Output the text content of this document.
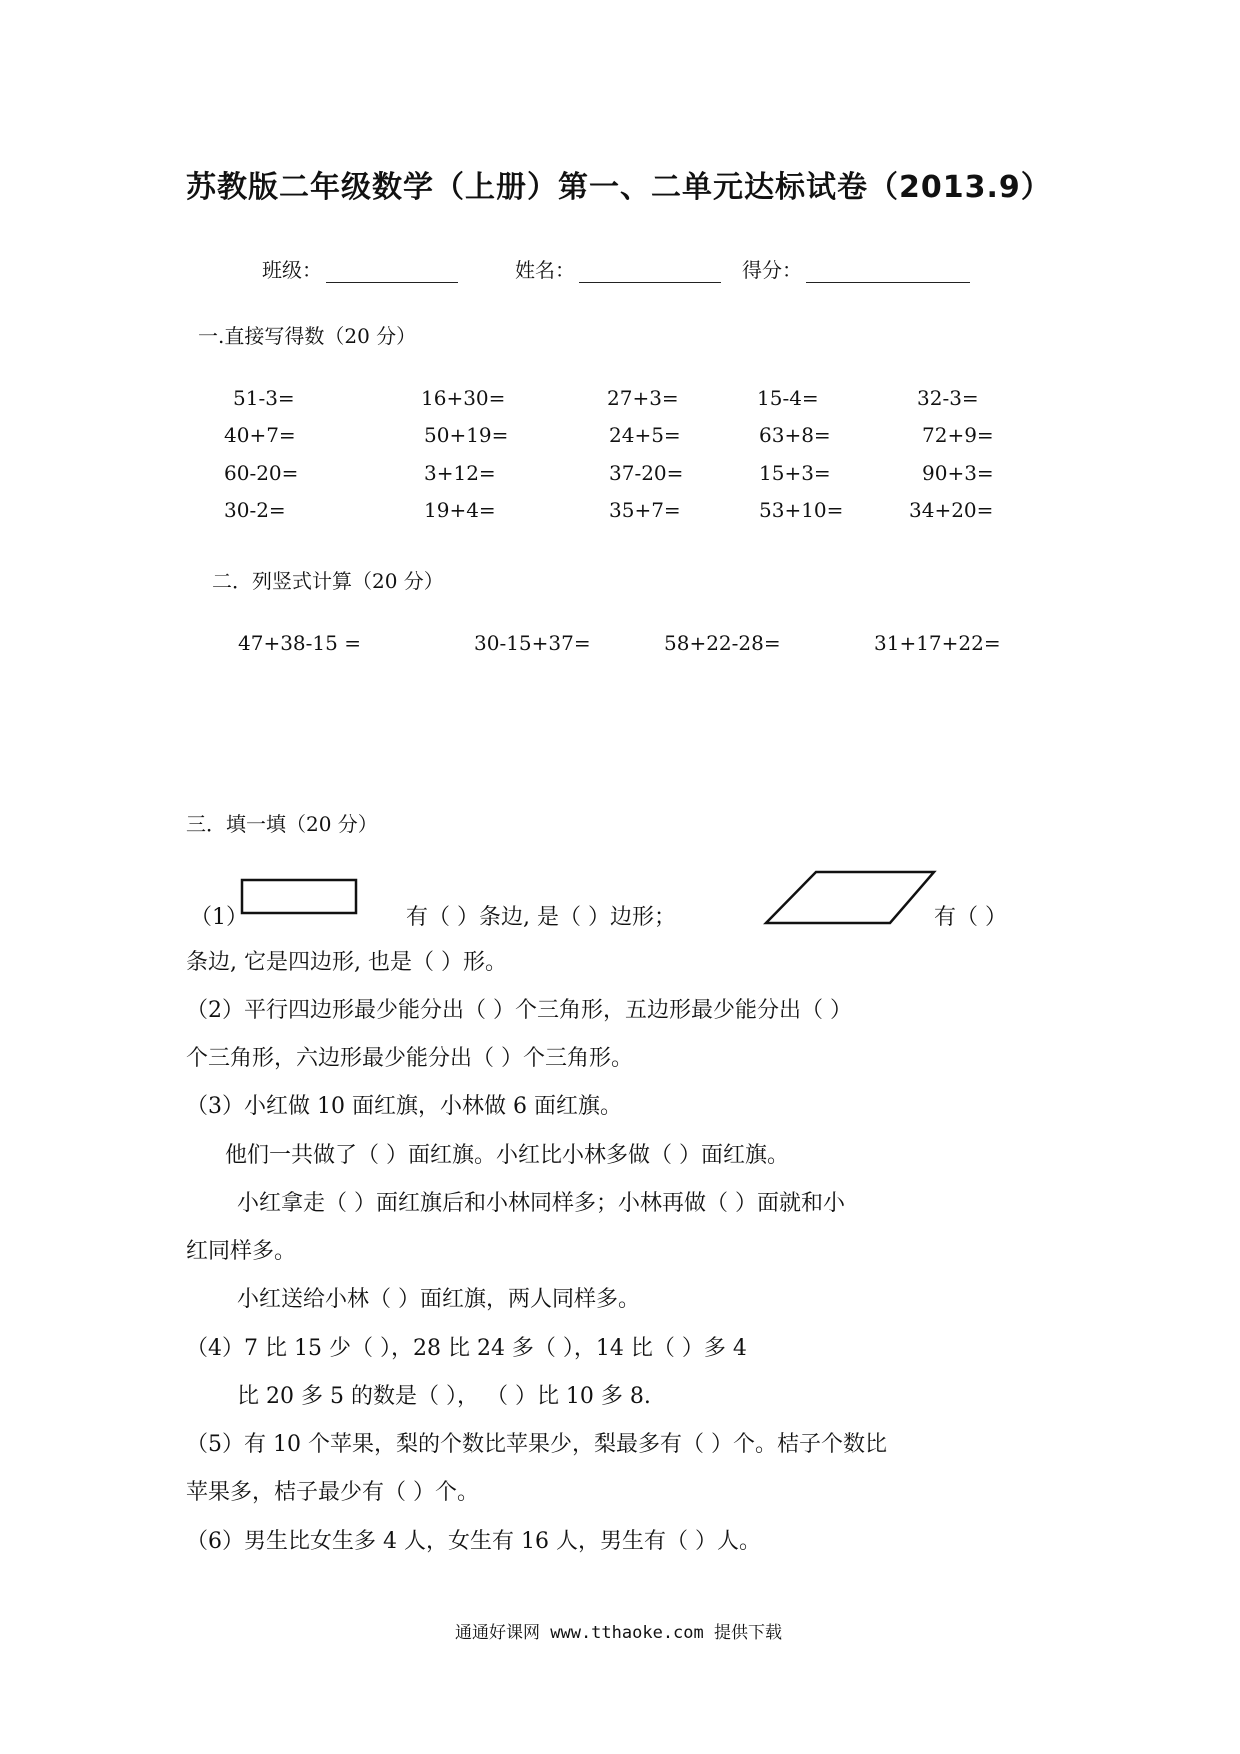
苏教版二年级数学（上册）第一、二单元达标试卷（2013.9）
班级：	姓名：	得分：
一.直接写得数（20 分）
51-3=	16+30=	27+3=	15-4=	32-3=
40+7=	50+19=	24+5=	63+8=	72+9=
60-20=	3+12=	37-20=	15+3=	90+3=
30-2=	19+4=	35+7=	53+10=	34+20=
二．列竖式计算（20 分）
47+38-15 =	30-15+37=	58+22-28=	31+17+22=
三．填一填（20 分）
（1）	有（ ）条边, 是（ ）边形；	有（ ）
条边, 它是四边形, 也是（ ）形。
（2）平行四边形最少能分出（ ）个三角形，五边形最少能分出（ ）
个三角形，六边形最少能分出（ ）个三角形。
（3）小红做 10 面红旗，小林做 6 面红旗。
他们一共做了（ ）面红旗。小红比小林多做（ ）面红旗。
小红拿走（ ）面红旗后和小林同样多；小林再做（ ）面就和小
红同样多。
小红送给小林（ ）面红旗，两人同样多。
（4）7 比 15 少（ ），28 比 24 多（ ），14 比（ ）多 4
比 20 多 5 的数是（ ）， （ ）比 10 多 8.
（5）有 10 个苹果，梨的个数比苹果少，梨最多有（ ）个。桔子个数比
苹果多，桔子最少有（ ）个。
（6）男生比女生多 4 人，女生有 16 人，男生有（ ）人。
通通好课网 www.tthaoke.com 提供下载
